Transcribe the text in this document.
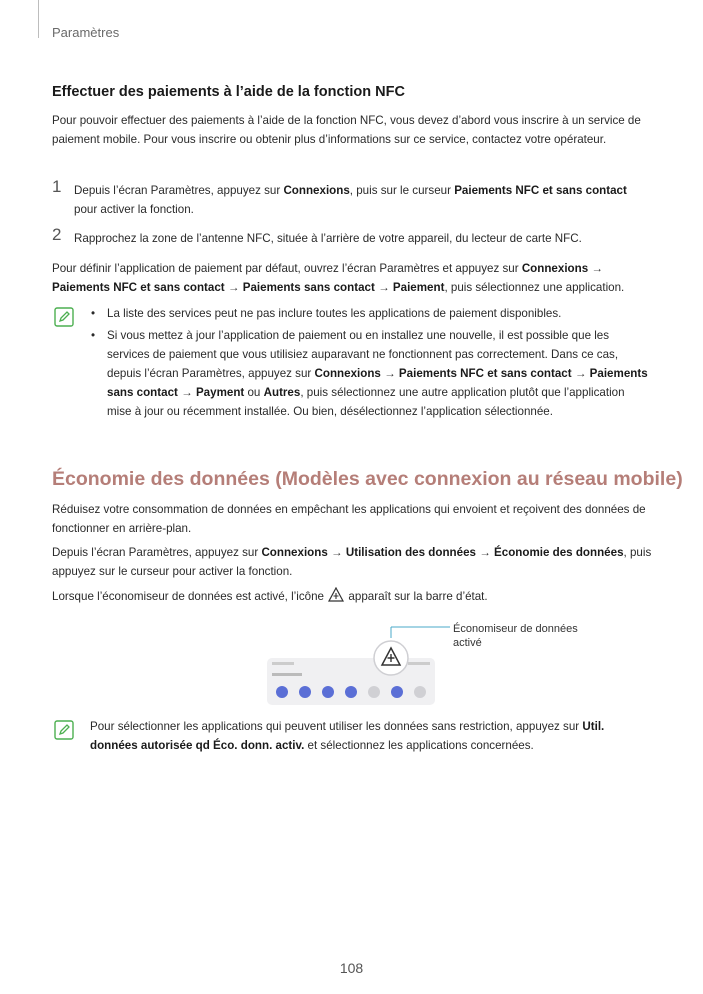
Paramètres
Effectuer des paiements à l’aide de la fonction NFC
Pour pouvoir effectuer des paiements à l’aide de la fonction NFC, vous devez d’abord vous inscrire à un service de paiement mobile. Pour vous inscrire ou obtenir plus d’informations sur ce service, contactez votre opérateur.
1 Depuis l’écran Paramètres, appuyez sur Connexions, puis sur le curseur Paiements NFC et sans contact pour activer la fonction.
2 Rapprochez la zone de l’antenne NFC, située à l’arrière de votre appareil, du lecteur de carte NFC.
Pour définir l’application de paiement par défaut, ouvrez l’écran Paramètres et appuyez sur Connexions → Paiements NFC et sans contact → Paiements sans contact → Paiement, puis sélectionnez une application.
• La liste des services peut ne pas inclure toutes les applications de paiement disponibles.
• Si vous mettez à jour l’application de paiement ou en installez une nouvelle, il est possible que les services de paiement que vous utilisiez auparavant ne fonctionnent pas correctement. Dans ce cas, depuis l’écran Paramètres, appuyez sur Connexions → Paiements NFC et sans contact → Paiements sans contact → Payment ou Autres, puis sélectionnez une autre application plutôt que l’application mise à jour ou récemment installée. Ou bien, désélectionnez l’application sélectionnée.
Économie des données (Modèles avec connexion au réseau mobile)
Réduisez votre consommation de données en empêchant les applications qui envoient et reçoivent des données de fonctionner en arrière-plan.
Depuis l’écran Paramètres, appuyez sur Connexions → Utilisation des données → Économie des données, puis appuyez sur le curseur pour activer la fonction.
Lorsque l’économiseur de données est activé, l’icône  apparaît sur la barre d’état.
Économiseur de données activé
Pour sélectionner les applications qui peuvent utiliser les données sans restriction, appuyez sur Util. données autorisée qd Éco. donn. activ. et sélectionnez les applications concernées.
108
